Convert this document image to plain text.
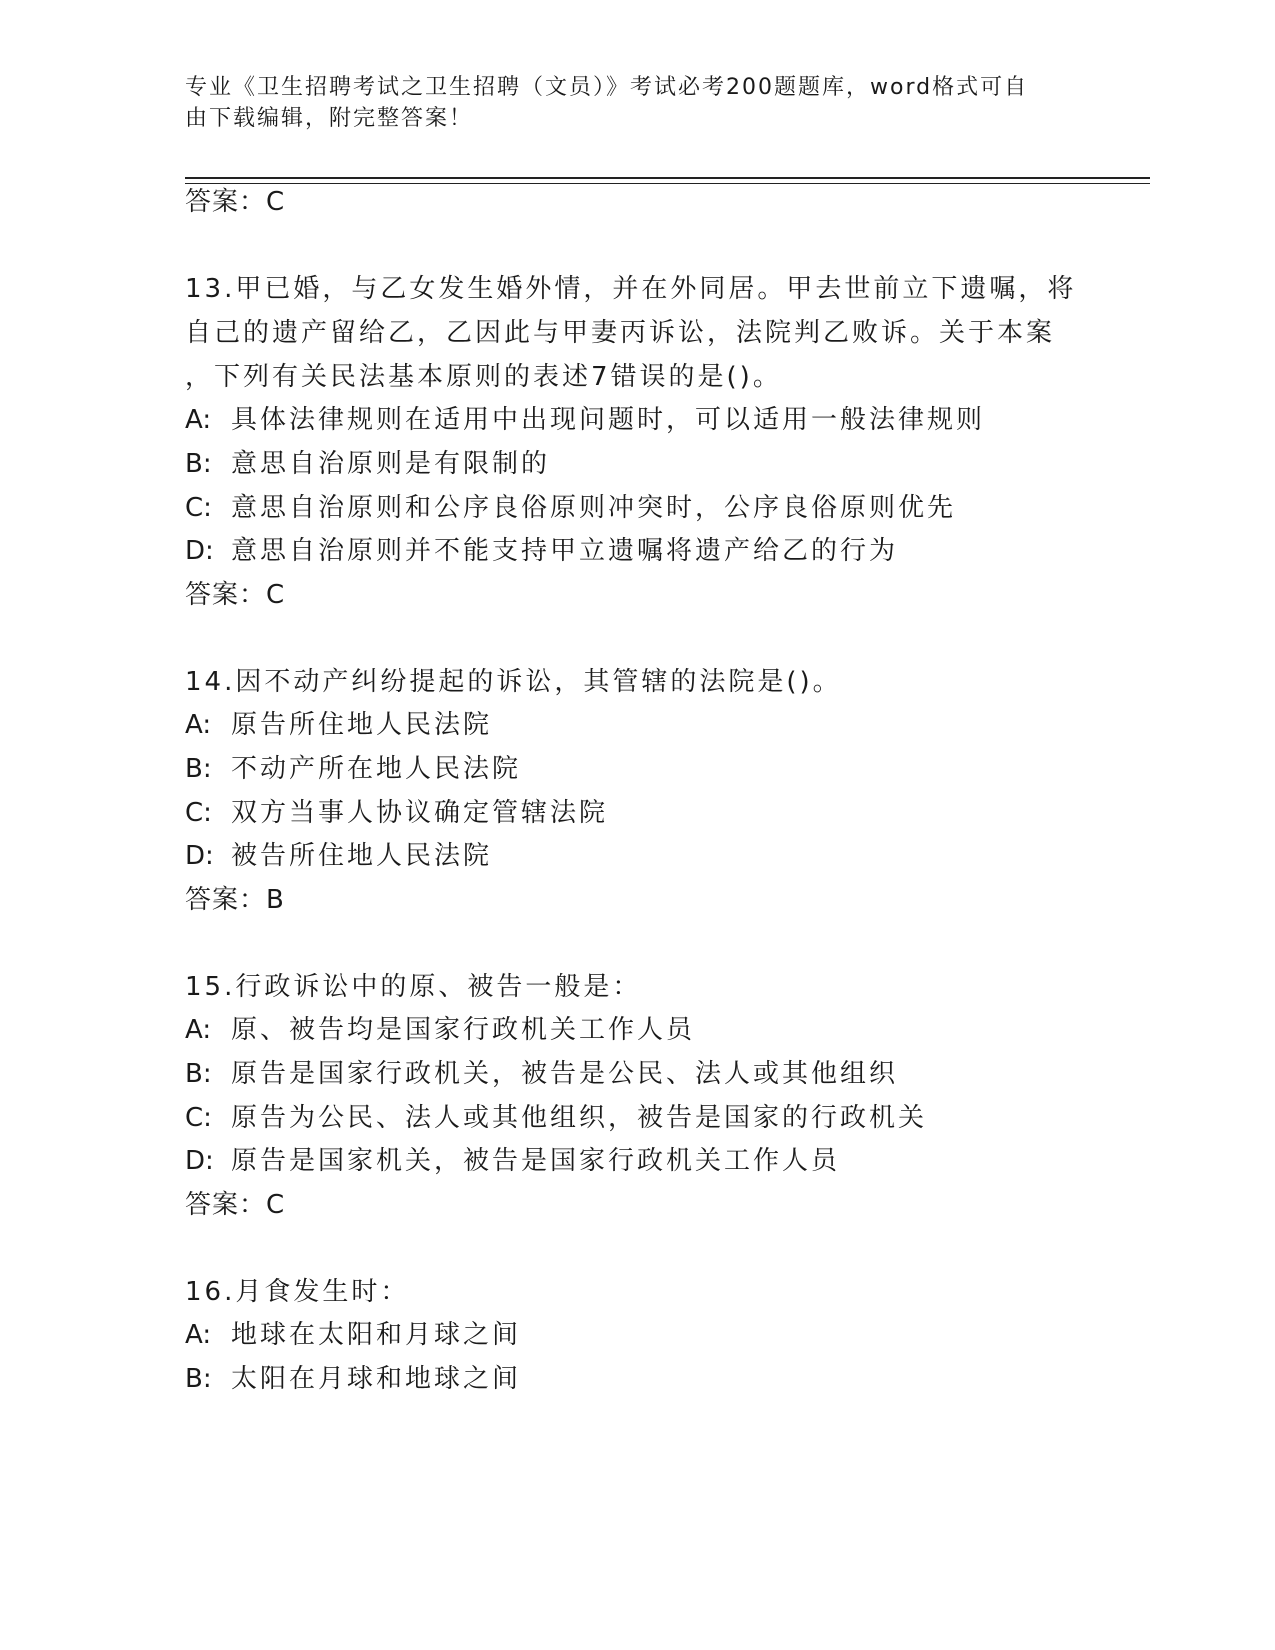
专业《卫生招聘考试之卫生招聘（文员）》考试必考200题题库，word格式可自
由下载编辑，附完整答案！
答案：C
13.甲已婚，与乙女发生婚外情，并在外同居。甲去世前立下遗嘱，将
自己的遗产留给乙，乙因此与甲妻丙诉讼，法院判乙败诉。关于本案
，下列有关民法基本原则的表述7错误的是()。
A: 具体法律规则在适用中出现问题时，可以适用一般法律规则
B: 意思自治原则是有限制的
C: 意思自治原则和公序良俗原则冲突时，公序良俗原则优先
D: 意思自治原则并不能支持甲立遗嘱将遗产给乙的行为
答案：C
14.因不动产纠纷提起的诉讼，其管辖的法院是()。
A: 原告所住地人民法院
B: 不动产所在地人民法院
C: 双方当事人协议确定管辖法院
D: 被告所住地人民法院
答案：B
15.行政诉讼中的原、被告一般是：
A: 原、被告均是国家行政机关工作人员
B: 原告是国家行政机关，被告是公民、法人或其他组织
C: 原告为公民、法人或其他组织，被告是国家的行政机关
D: 原告是国家机关，被告是国家行政机关工作人员
答案：C
16.月食发生时：
A: 地球在太阳和月球之间
B: 太阳在月球和地球之间
